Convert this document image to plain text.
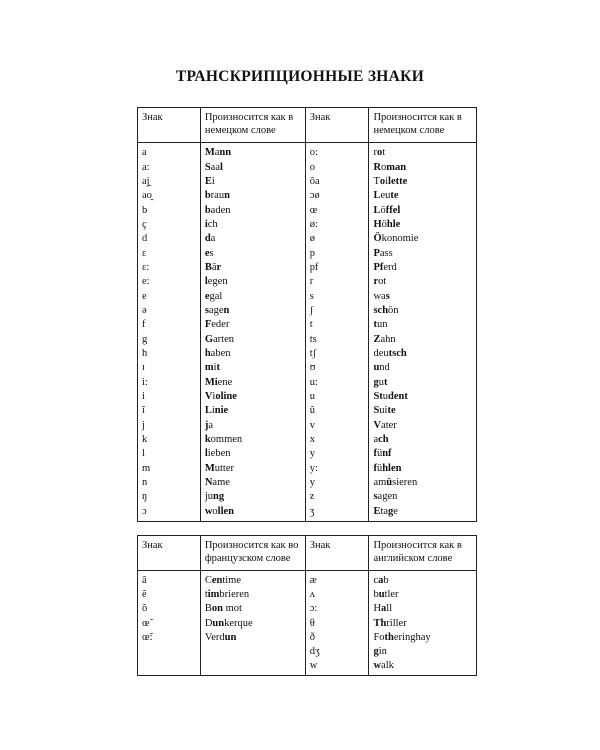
ТРАНСКРИПЦИОННЫЕ ЗНАКИ
Знак	Произносится как в немецком слове	Знак	Произносится как в немецком слове
a	Mann	o:	rot
a:	Saal	o	Roman
aj̯	Ei	õa	Toilette
ao̯	braun	ɔø	Leute
b	baden	œ	Löffel
ç	ich	ø:	Höhle
d	da	ø	Ökonomie
ɛ	es	p	Pass
ɛ:	Bär	pf	Pferd
e:	legen	r	rot
e	egal	s	was
ə	sagen	ʃ	schön
f	Feder	t	tun
g	Garten	ts	Zahn
h	haben	tʃ	deutsch
ɪ	mit	ʊ	und
i:	Miene	u:	gut
i	Violine	u	Student
ĭ	Linie	ŭ	Suite
j	ja	v	Vater
k	kommen	x	ach
l	lieben	y	fünf
m	Mutter	y:	fühlen
n	Name	y	amüsieren
ŋ	jung	z	sagen
ɔ	wollen	ʒ	Etage
Знак	Произносится как во французском слове	Знак	Произносится как в английском слове
ã	Centime	æ	cab
ẽ	timbrieren	ʌ	butler
õ	Bon mot	ɔ:	Hall
œ̃	Dunkerque	θ	Thriller
œ̃:	Verdun	ð	Fotheringhay
		dʒ	gin
		w	walk
